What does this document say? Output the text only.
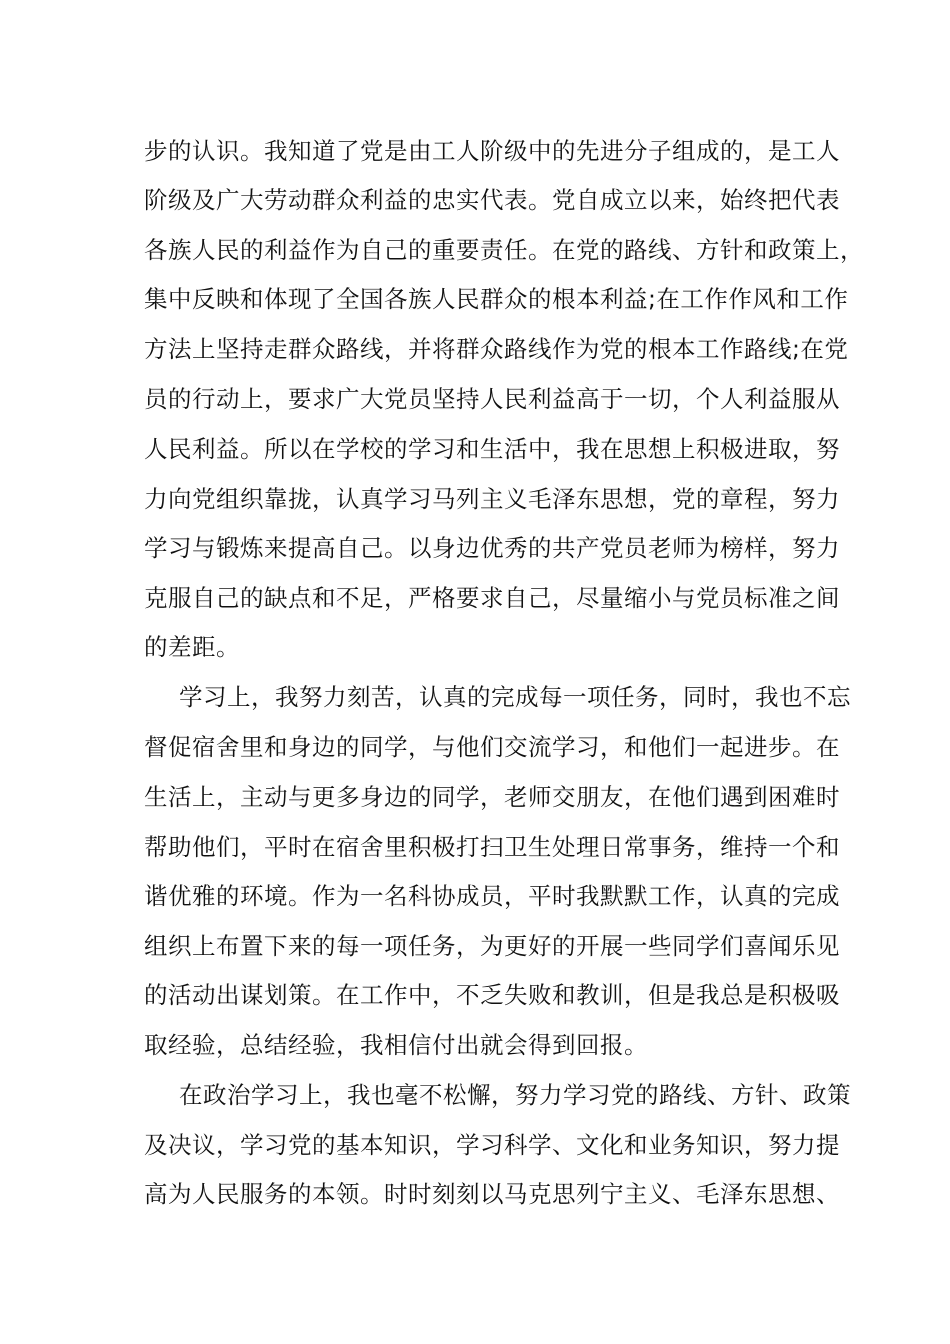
步的认识。我知道了党是由工人阶级中的先进分子组成的，是工人
阶级及广大劳动群众利益的忠实代表。党自成立以来，始终把代表
各族人民的利益作为自己的重要责任。在党的路线、方针和政策上，
集中反映和体现了全国各族人民群众的根本利益;在工作作风和工作
方法上坚持走群众路线，并将群众路线作为党的根本工作路线;在党
员的行动上，要求广大党员坚持人民利益高于一切，个人利益服从
人民利益。所以在学校的学习和生活中，我在思想上积极进取，努
力向党组织靠拢，认真学习马列主义毛泽东思想，党的章程，努力
学习与锻炼来提高自己。以身边优秀的共产党员老师为榜样，努力
克服自己的缺点和不足，严格要求自己，尽量缩小与党员标准之间
的差距。
学习上，我努力刻苦，认真的完成每一项任务，同时，我也不忘
督促宿舍里和身边的同学，与他们交流学习，和他们一起进步。在
生活上，主动与更多身边的同学，老师交朋友，在他们遇到困难时
帮助他们，平时在宿舍里积极打扫卫生处理日常事务，维持一个和
谐优雅的环境。作为一名科协成员，平时我默默工作，认真的完成
组织上布置下来的每一项任务，为更好的开展一些同学们喜闻乐见
的活动出谋划策。在工作中，不乏失败和教训，但是我总是积极吸
取经验，总结经验，我相信付出就会得到回报。
在政治学习上，我也毫不松懈，努力学习党的路线、方针、政策
及决议，学习党的基本知识，学习科学、文化和业务知识，努力提
高为人民服务的本领。时时刻刻以马克思列宁主义、毛泽东思想、
